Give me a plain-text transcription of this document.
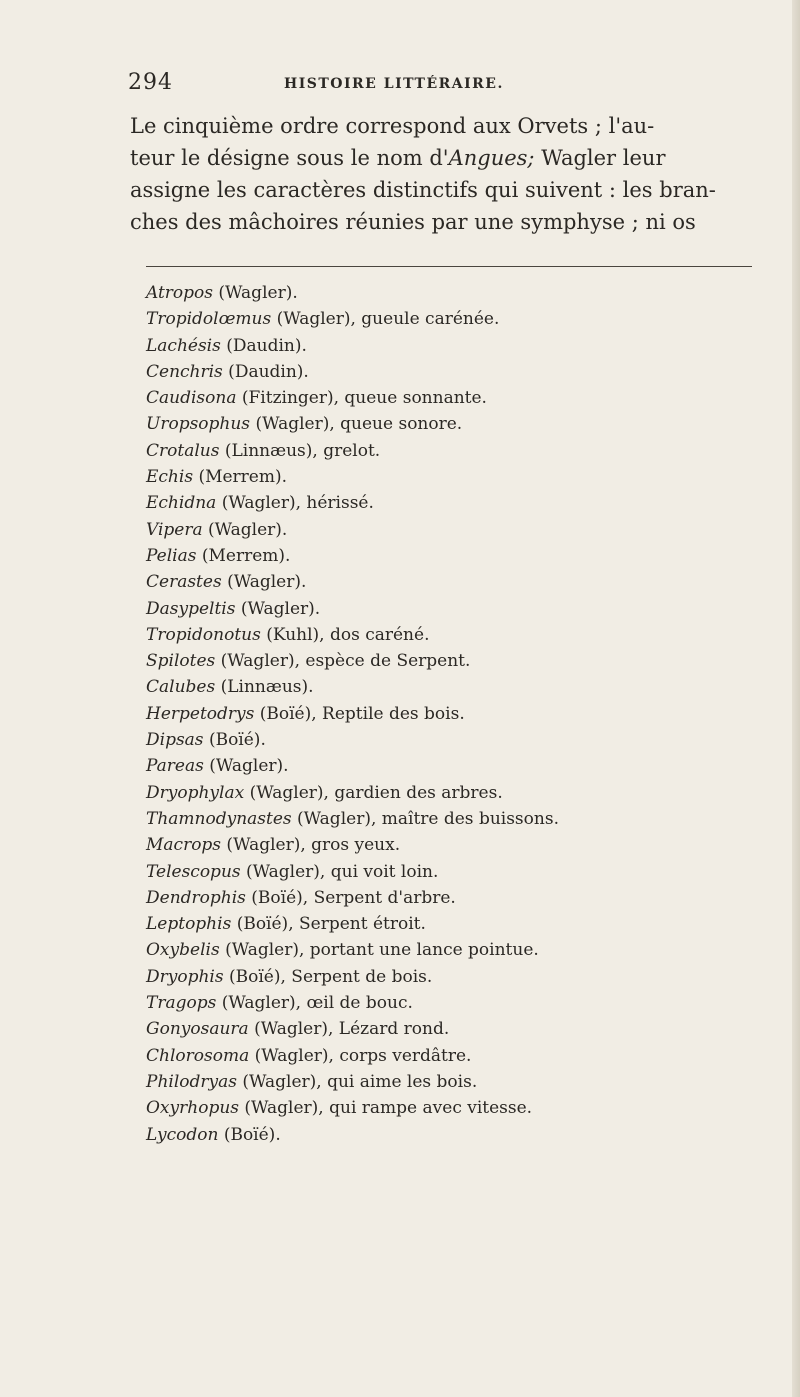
294	HISTOIRE LITTÉRAIRE.

Le cinquième ordre correspond aux Orvets ; l'au-
teur le désigne sous le nom d'Angues; Wagler leur
assigne les caractères distinctifs qui suivent : les bran-
ches des mâchoires réunies par une symphyse ; ni os

Atropos (Wagler).
Tropidolœmus (Wagler), gueule carénée.
Lachésis (Daudin).
Cenchris (Daudin).
Caudisona (Fitzinger), queue sonnante.
Uropsophus (Wagler), queue sonore.
Crotalus (Linnæus), grelot.
Echis (Merrem).
Echidna (Wagler), hérissé.
Vipera (Wagler).
Pelias (Merrem).
Cerastes (Wagler).
Dasypeltis (Wagler).
Tropidonotus (Kuhl), dos caréné.
Spilotes (Wagler), espèce de Serpent.
Calubes (Linnæus).
Herpetodrys (Boïé), Reptile des bois.
Dipsas (Boïé).
Pareas (Wagler).
Dryophylax (Wagler), gardien des arbres.
Thamnodynastes (Wagler), maître des buissons.
Macrops (Wagler), gros yeux.
Telescopus (Wagler), qui voit loin.
Dendrophis (Boïé), Serpent d'arbre.
Leptophis (Boïé), Serpent étroit.
Oxybelis (Wagler), portant une lance pointue.
Dryophis (Boïé), Serpent de bois.
Tragops (Wagler), œil de bouc.
Gonyosaura (Wagler), Lézard rond.
Chlorosoma (Wagler), corps verdâtre.
Philodryas (Wagler), qui aime les bois.
Oxyrhopus (Wagler), qui rampe avec vitesse.
Lycodon (Boïé).
